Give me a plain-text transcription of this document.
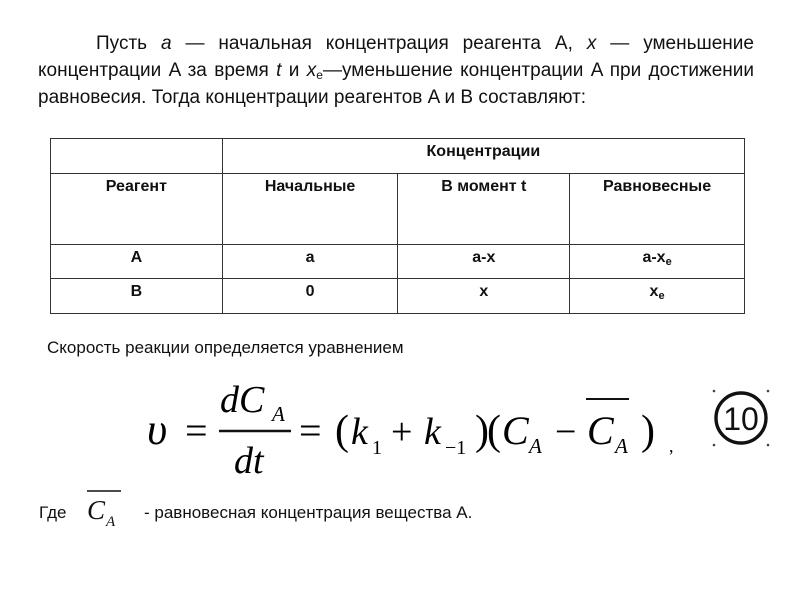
Пусть a — начальная концентрация реагента A, x — уменьшение концентрации A за время t и $x_e—уменьшение$ концентрации A при достижении равновесия. Тогда концентрации реагентов A и B составляют:
	Концентрации		
Реагент	Начальные	В момент t	Равновесные
A	a	a-x	$a-x_e$
B	0	x	$x_e$
Скорость реакции определяется уравнением
υ =
dC A
dt
= ( k 1 + k −1 )
( C A − C A ) ,
10
Где C A - равновесная концентрация вещества A.
